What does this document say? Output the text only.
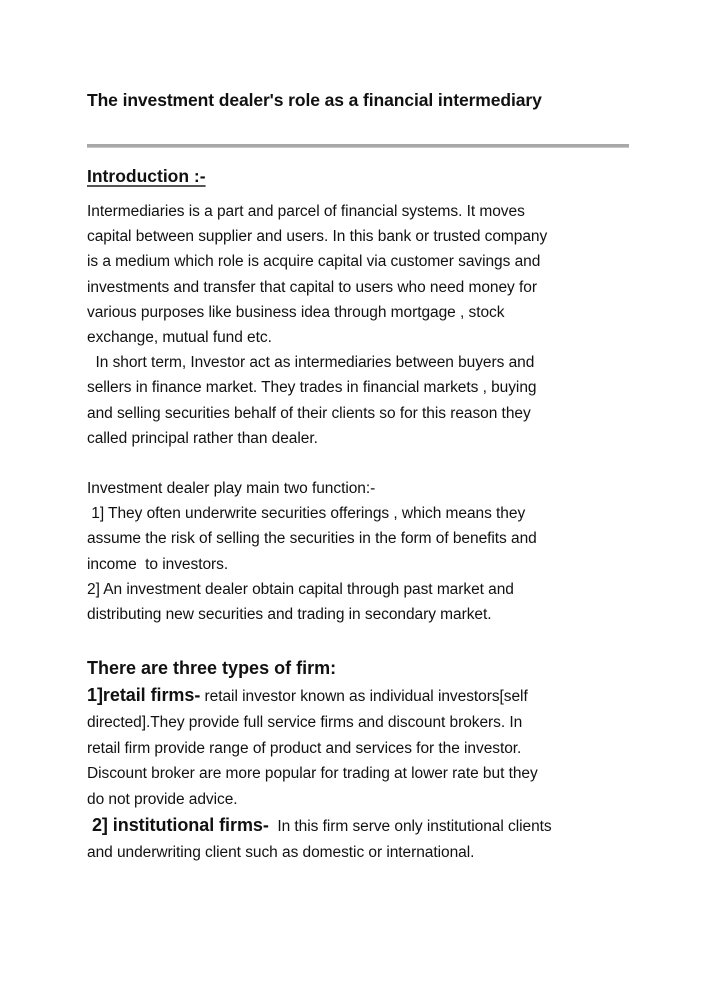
The investment dealer's role as a financial intermediary
Introduction :-

Intermediaries is a part and parcel of financial systems. It moves

capital between supplier and users. In this bank or trusted company

is a medium which role is acquire capital via customer savings and

investments and transfer that capital to users who need money for

various purposes like business idea through mortgage , stock

exchange, mutual fund etc.

In short term, Investor act as intermediaries between buyers and

sellers in finance market. They trades in financial markets , buying

and selling securities behalf of their clients so for this reason they

called principal rather than dealer.

Investment dealer play main two function:-

1] They often underwrite securities offerings , which means they

assume the risk of selling the securities in the form of benefits and

income  to investors.

2] An investment dealer obtain capital through past market and

distributing new securities and trading in secondary market.

There are three types of firm:

1]retail firms- retail investor known as individual investors[self

directed].They provide full service firms and discount brokers. In

retail firm provide range of product and services for the investor.

Discount broker are more popular for trading at lower rate but they

do not provide advice.

2] institutional firms-  In this firm serve only institutional clients

and underwriting client such as domestic or international.
